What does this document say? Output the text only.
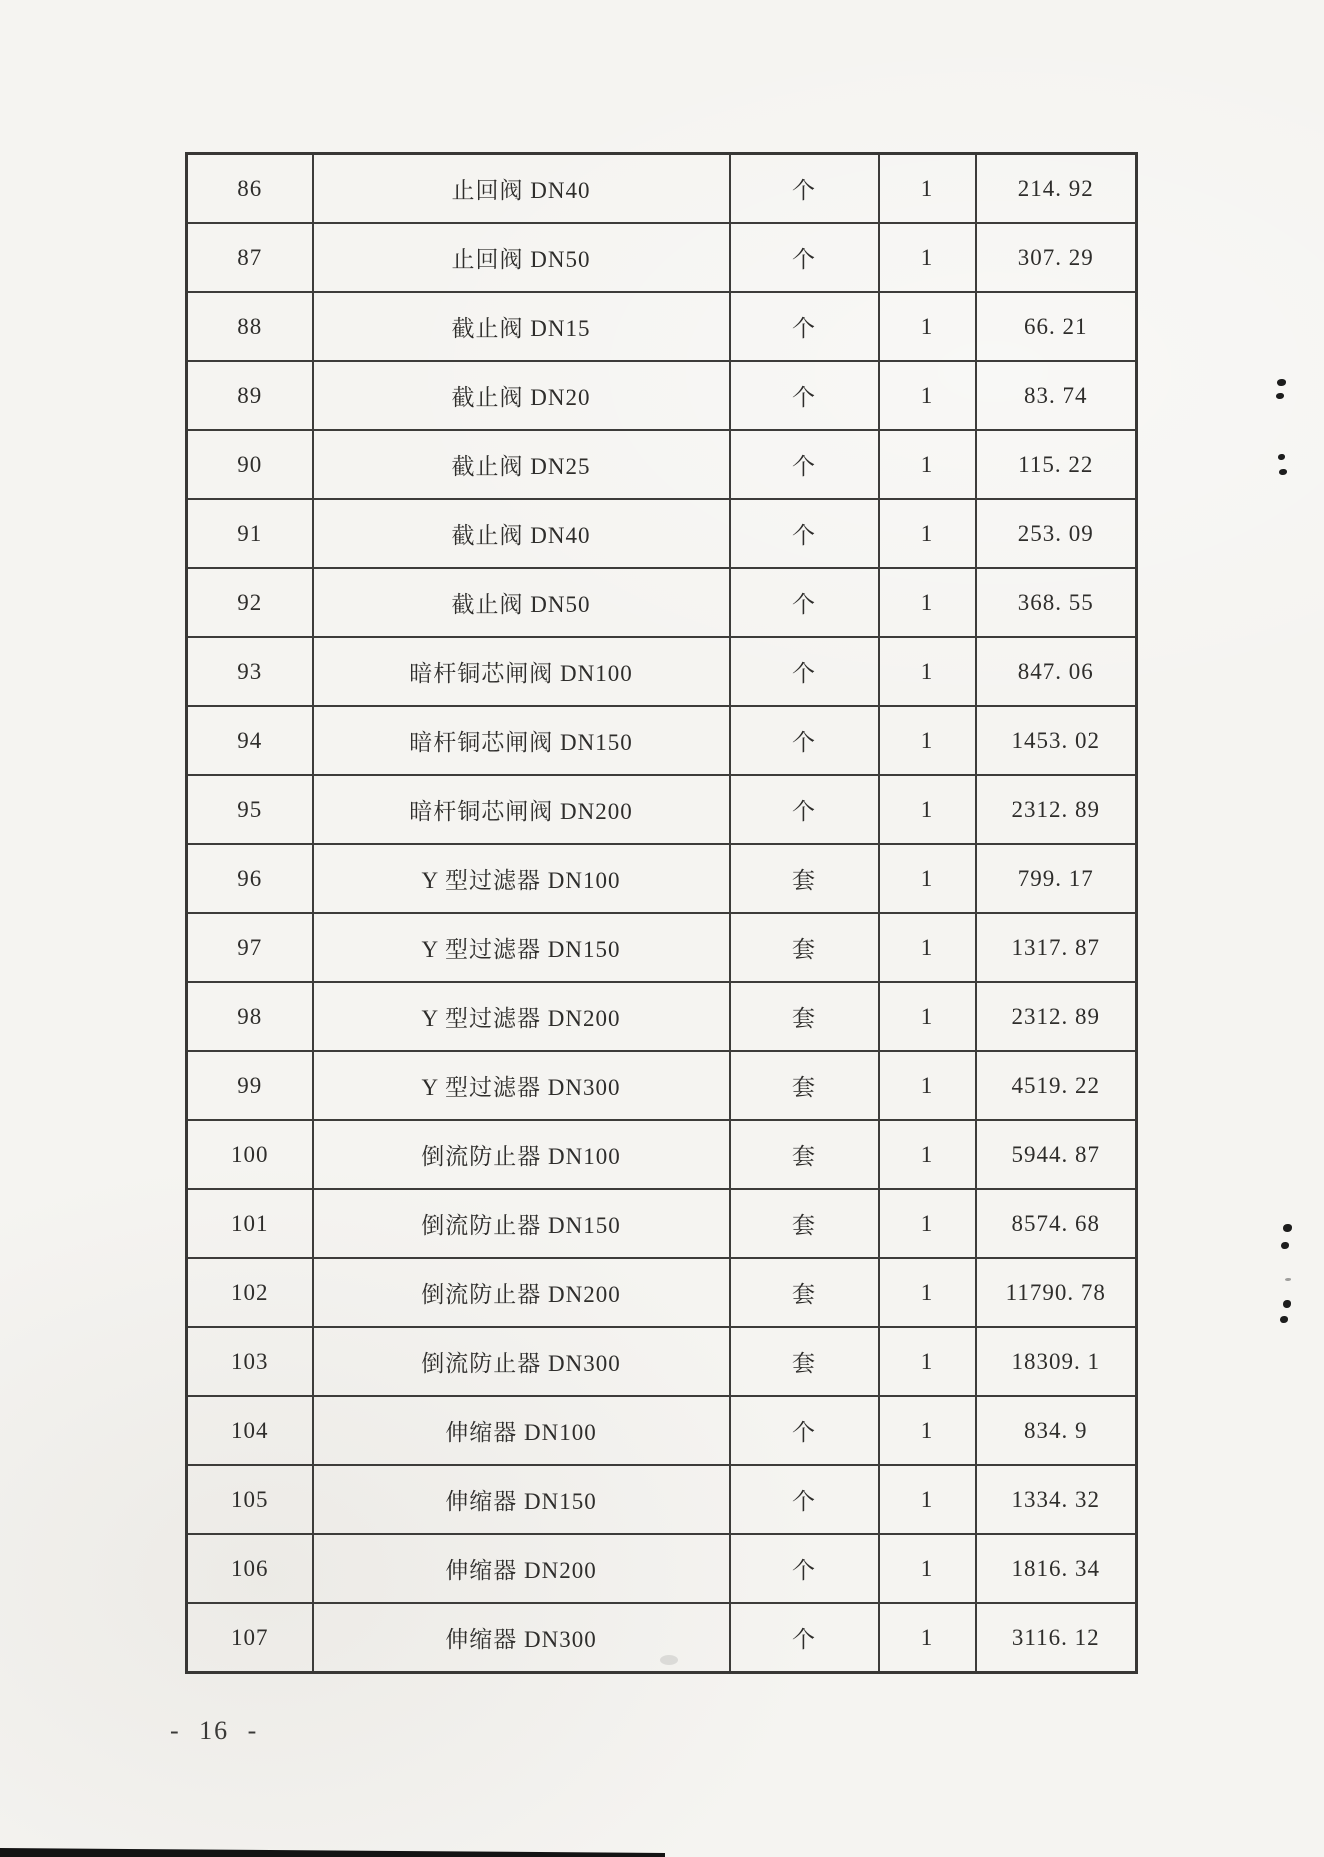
86	止回阀 DN40	个	1	214. 92
87	止回阀 DN50	个	1	307. 29
88	截止阀 DN15	个	1	66. 21
89	截止阀 DN20	个	1	83. 74
90	截止阀 DN25	个	1	115. 22
91	截止阀 DN40	个	1	253. 09
92	截止阀 DN50	个	1	368. 55
93	暗杆铜芯闸阀 DN100	个	1	847. 06
94	暗杆铜芯闸阀 DN150	个	1	1453. 02
95	暗杆铜芯闸阀 DN200	个	1	2312. 89
96	Y 型过滤器 DN100	套	1	799. 17
97	Y 型过滤器 DN150	套	1	1317. 87
98	Y 型过滤器 DN200	套	1	2312. 89
99	Y 型过滤器 DN300	套	1	4519. 22
100	倒流防止器 DN100	套	1	5944. 87
101	倒流防止器 DN150	套	1	8574. 68
102	倒流防止器 DN200	套	1	11790. 78
103	倒流防止器 DN300	套	1	18309. 1
104	伸缩器 DN100	个	1	834. 9
105	伸缩器 DN150	个	1	1334. 32
106	伸缩器 DN200	个	1	1816. 34
107	伸缩器 DN300	个	1	3116. 12
- 16 -
